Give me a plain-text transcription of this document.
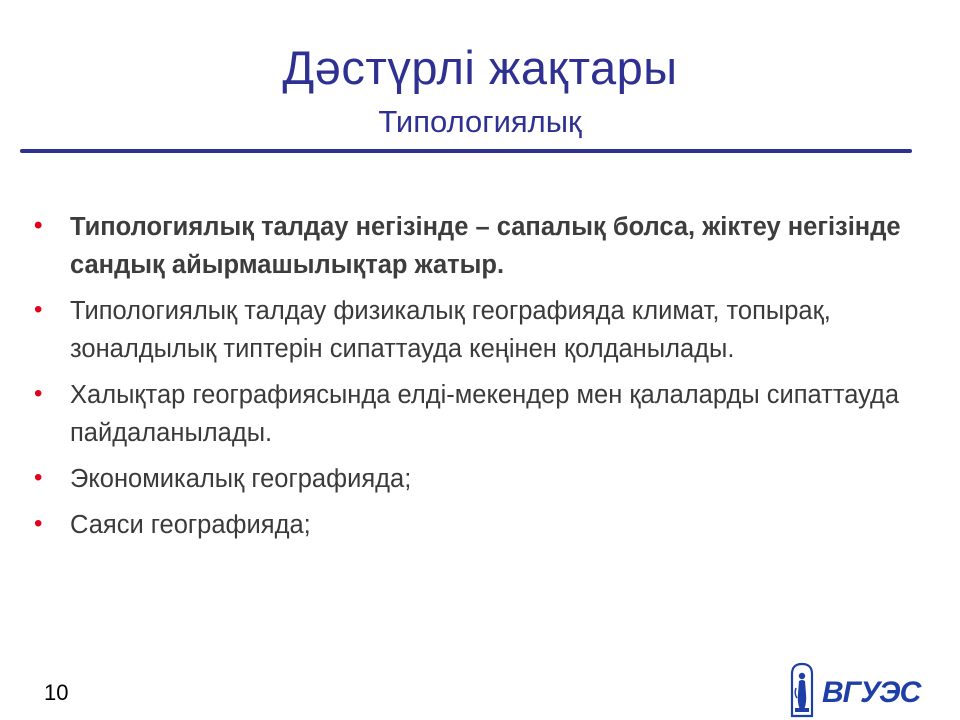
Дәстүрлі жақтары
Типологиялық
• Типологиялық талдау негізінде – сапалық болса, жіктеу негізінде сандық айырмашылықтар жатыр.
• Типологиялық талдау физикалық географияда климат, топырақ, зоналдылық типтерін сипаттауда кеңінен қолданылады.
• Халықтар географиясында елді-мекендер мен қалаларды сипаттауда пайдаланылады.
• Экономикалық географияда;
• Саяси географияда;
10	ВГУЭС
